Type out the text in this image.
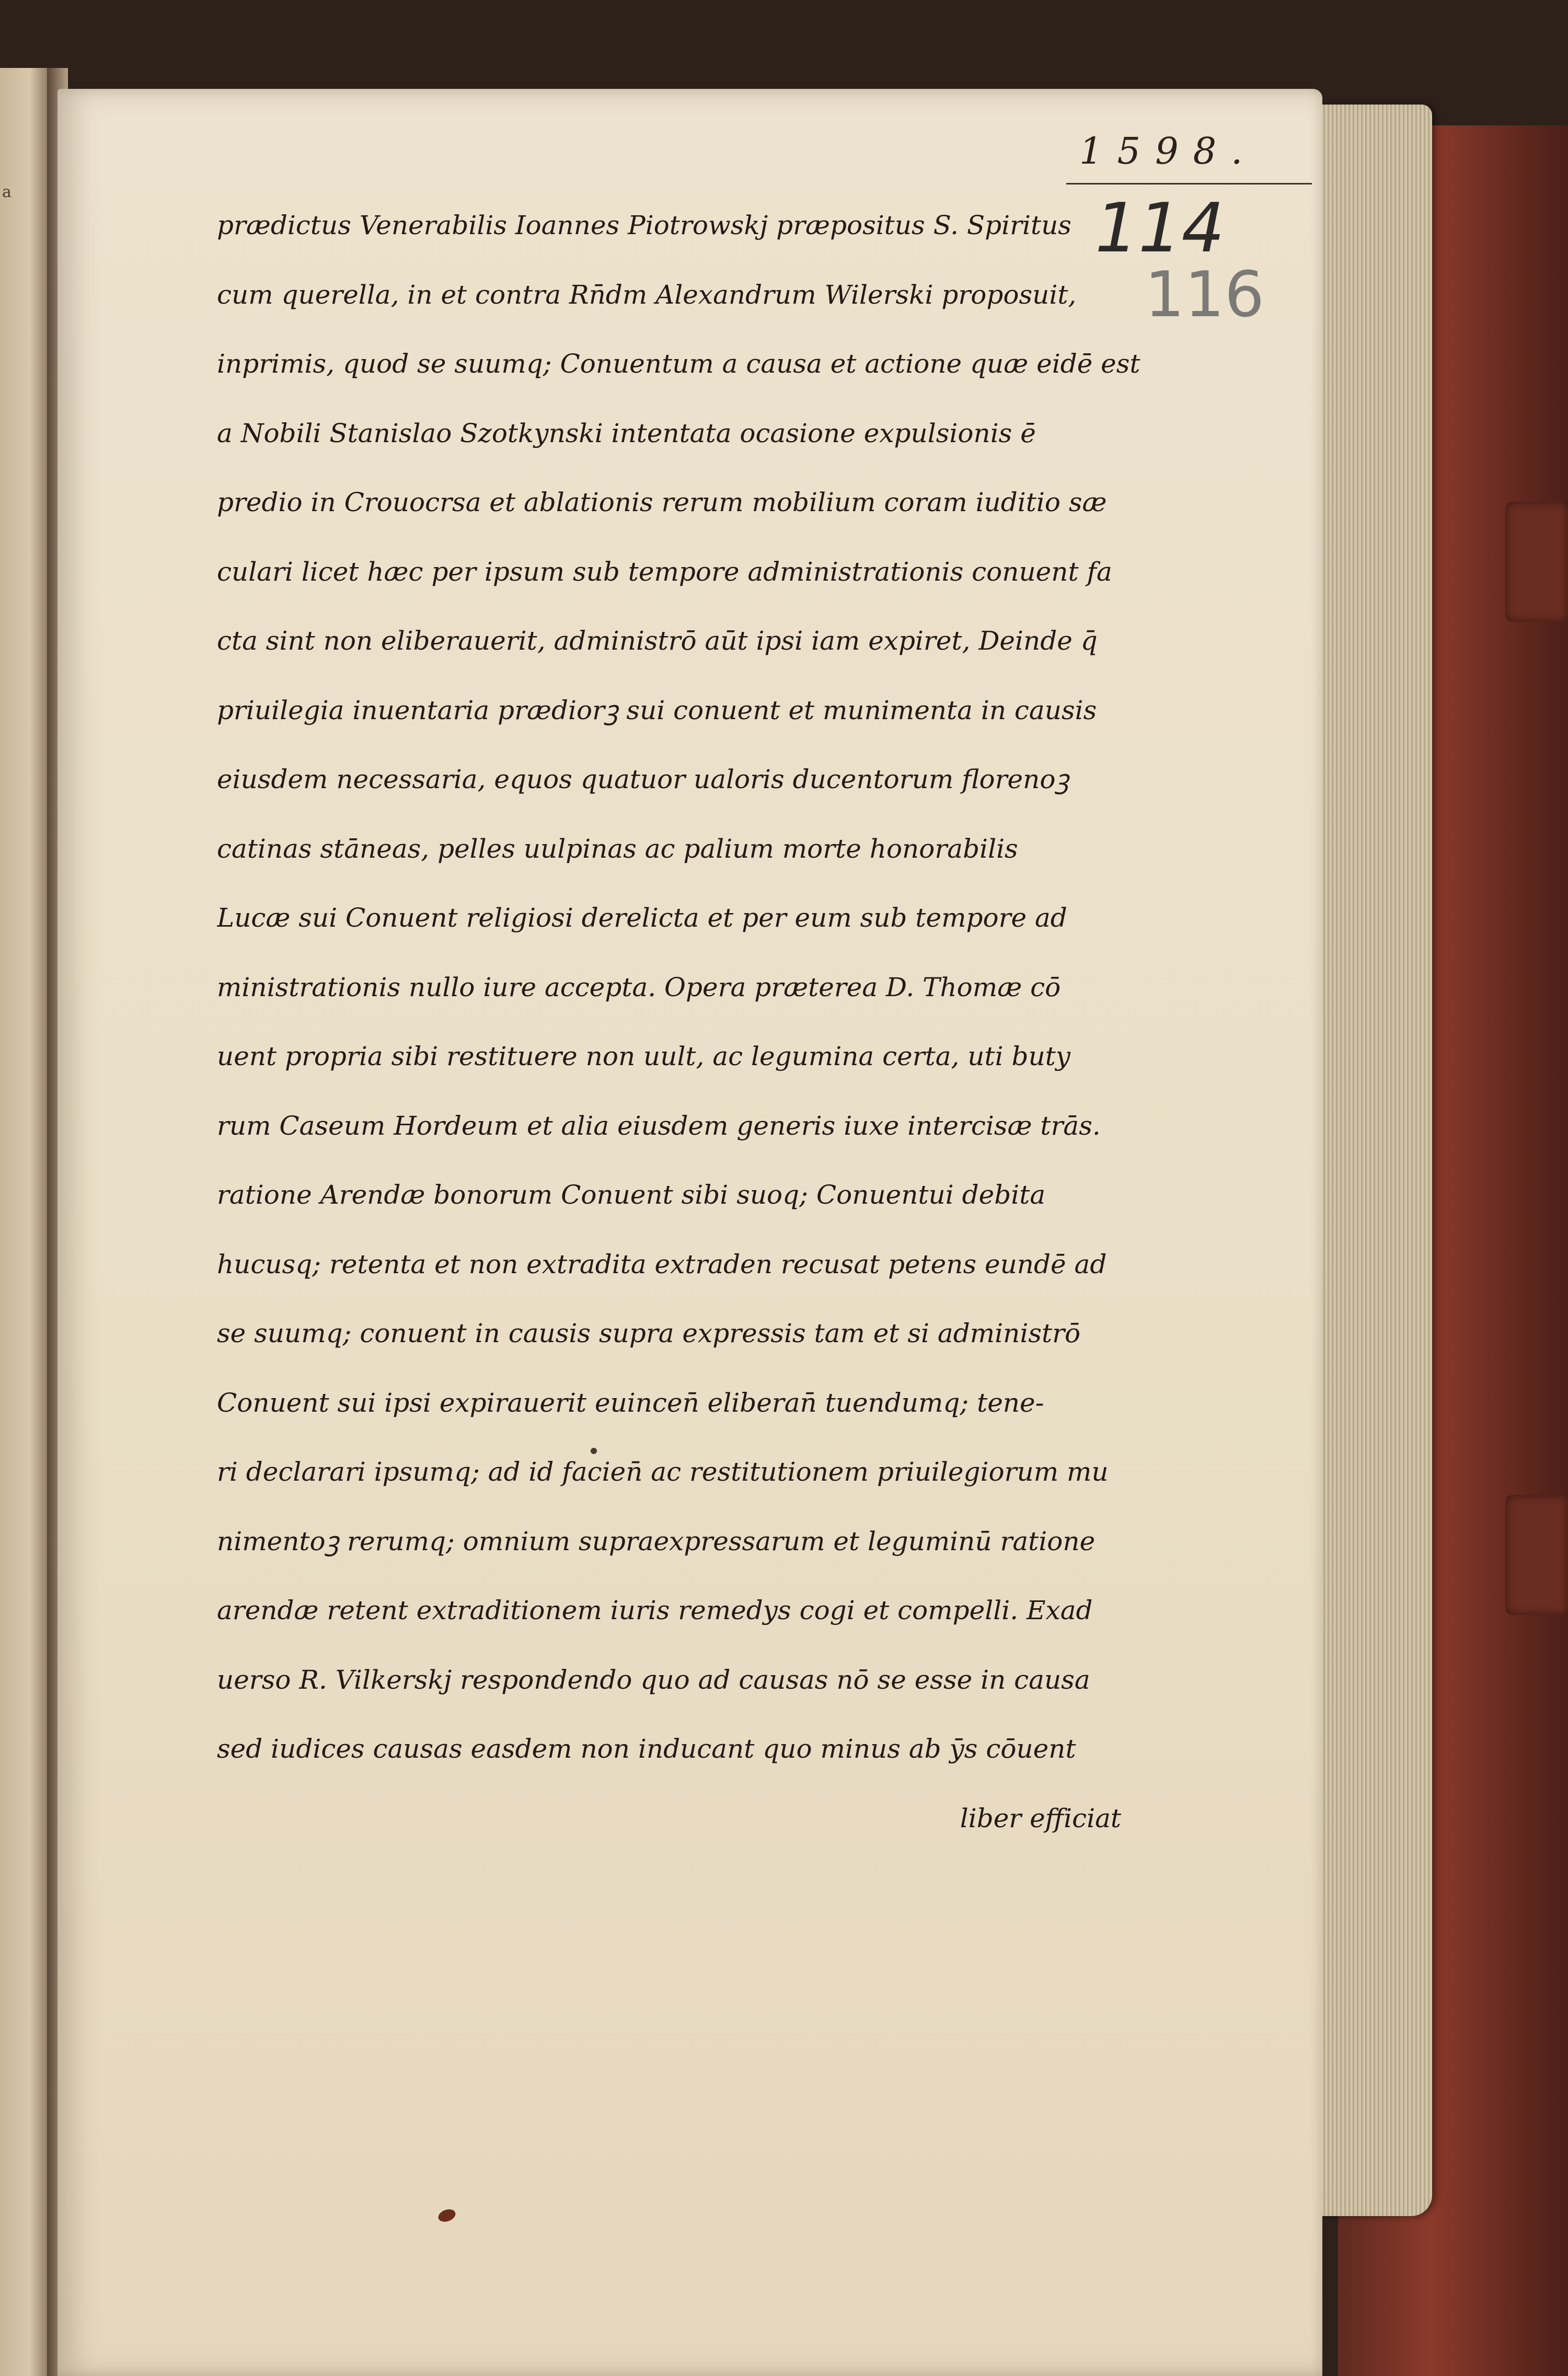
a
1598.
114
116
prædictus Venerabilis Ioannes Piotrowskj præpositus S. Spiritus
cum querella, in et contra Rn̄dm Alexandrum Wilerski proposuit,
inprimis, quod se suumq; Conuentum a causa et actione quæ eidē est
a Nobili Stanislao Szotkynski intentata ocasione expulsionis ē
predio in Crouocrsa et ablationis rerum mobilium coram iuditio sæ
culari licet hæc per ipsum sub tempore administrationis conuent fa
cta sint non eliberauerit, administrō aūt ipsi iam expiret, Deinde q̄
priuilegia inuentaria prædiorꝫ sui conuent et munimenta in causis
eiusdem necessaria, equos quatuor ualoris ducentorum florenoꝫ
catinas stāneas, pelles uulpinas ac palium morte honorabilis
Lucæ sui Conuent religiosi derelicta et per eum sub tempore ad
ministrationis nullo iure accepta. Opera præterea D. Thomæ cō
uent propria sibi restituere non uult, ac legumina certa, uti buty
rum Caseum Hordeum et alia eiusdem generis iuxe intercisæ trās.
ratione Arendæ bonorum Conuent sibi suoq; Conuentui debita
hucusq; retenta et non extradita extraden recusat petens eundē ad
se suumq; conuent in causis supra expressis tam et si administrō
Conuent sui ipsi expirauerit euincen̄ eliberan̄ tuendumq; tene-
ri declarari ipsumq; ad id facien̄ ac restitutionem priuilegiorum mu
nimentoꝫ rerumq; omnium supraexpressarum et leguminū ratione
arendæ retent extraditionem iuris remedys cogi et compelli. Exad
uerso R. Vilkerskj respondendo quo ad causas nō se esse in causa
sed iudices causas easdem non inducant quo minus ab ȳs cōuent
liber efficiat
